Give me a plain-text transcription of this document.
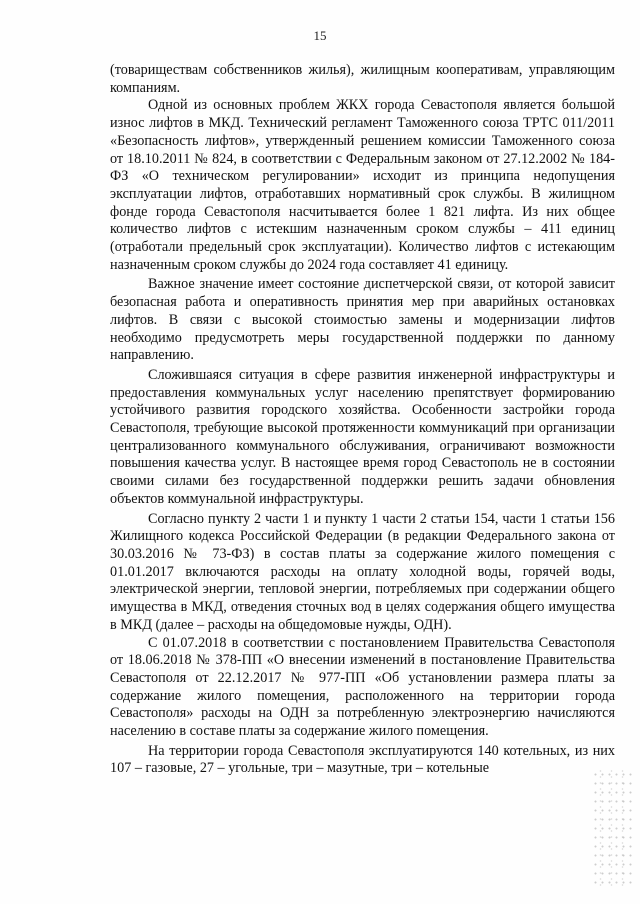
15

(товариществам собственников жилья), жилищным кооперативам, управляющим компаниям.

Одной из основных проблем ЖКХ города Севастополя является большой износ лифтов в МКД. Технический регламент Таможенного союза ТРТС 011/2011 «Безопасность лифтов», утвержденный решением комиссии Таможенного союза от 18.10.2011 № 824, в соответствии с Федеральным законом от 27.12.2002 № 184-ФЗ «О техническом регулировании» исходит из принципа недопущения эксплуатации лифтов, отработавших нормативный срок службы. В жилищном фонде города Севастополя насчитывается более 1 821 лифта. Из них общее количество лифтов с истекшим назначенным сроком службы – 411 единиц (отработали предельный срок эксплуатации). Количество лифтов с истекающим назначенным сроком службы до 2024 года составляет 41 единицу.

Важное значение имеет состояние диспетчерской связи, от которой зависит безопасная работа и оперативность принятия мер при аварийных остановках лифтов. В связи с высокой стоимостью замены и модернизации лифтов необходимо предусмотреть меры государственной поддержки по данному направлению.

Сложившаяся ситуация в сфере развития инженерной инфраструктуры и предоставления коммунальных услуг населению препятствует формированию устойчивого развития городского хозяйства. Особенности застройки города Севастополя, требующие высокой протяженности коммуникаций при организации централизованного коммунального обслуживания, ограничивают возможности повышения качества услуг. В настоящее время город Севастополь не в состоянии своими силами без государственной поддержки решить задачи обновления объектов коммунальной инфраструктуры.

Согласно пункту 2 части 1 и пункту 1 части 2 статьи 154, части 1 статьи 156 Жилищного кодекса Российской Федерации (в редакции Федерального закона от 30.03.2016 № 73-ФЗ) в состав платы за содержание жилого помещения с 01.01.2017 включаются расходы на оплату холодной воды, горячей воды, электрической энергии, тепловой энергии, потребляемых при содержании общего имущества в МКД, отведения сточных вод в целях содержания общего имущества в МКД (далее – расходы на общедомовые нужды, ОДН).

С 01.07.2018 в соответствии с постановлением Правительства Севастополя от 18.06.2018 № 378-ПП «О внесении изменений в постановление Правительства Севастополя от 22.12.2017 № 977-ПП «Об установлении размера платы за содержание жилого помещения, расположенного на территории города Севастополя» расходы на ОДН за потребленную электроэнергию начисляются населению в составе платы за содержание жилого помещения.

На территории города Севастополя эксплуатируются 140 котельных, из них 107 – газовые, 27 – угольные, три – мазутные, три – котельные
